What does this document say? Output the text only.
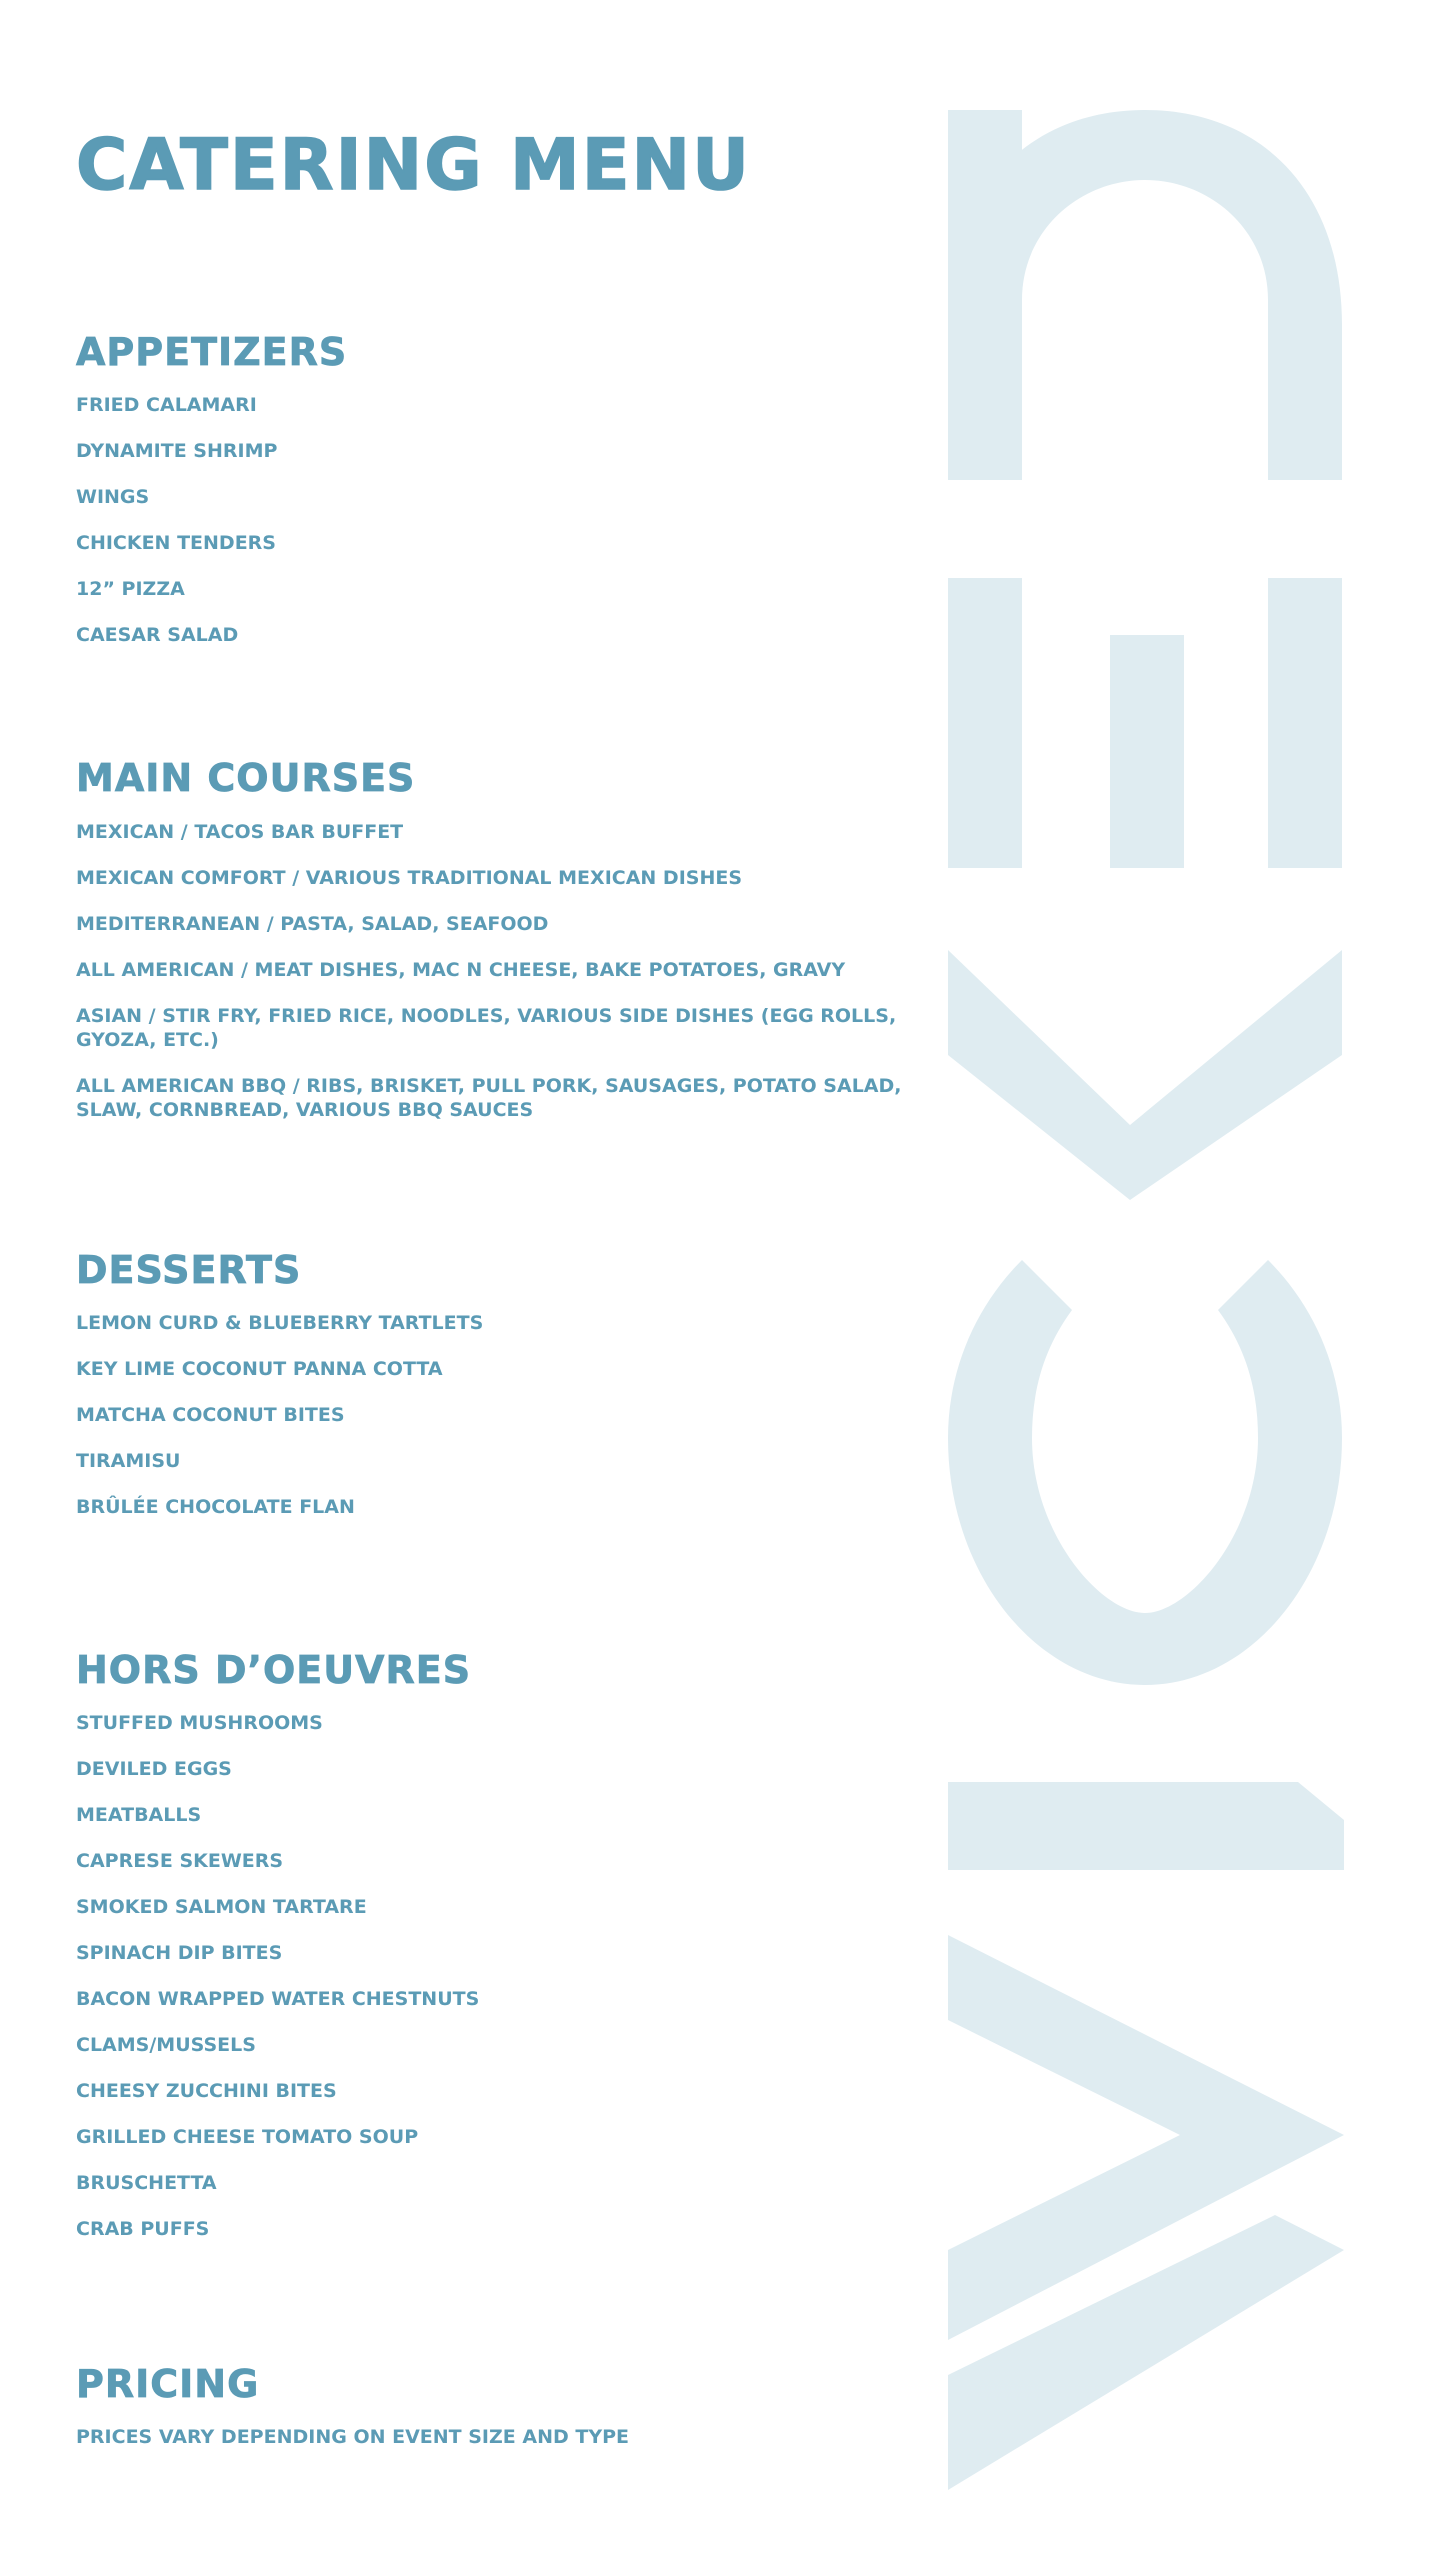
CATERING MENU
APPETIZERS
FRIED CALAMARI
DYNAMITE SHRIMP
WINGS
CHICKEN TENDERS
12” PIZZA
CAESAR SALAD
MAIN COURSES
MEXICAN / TACOS BAR BUFFET
MEXICAN COMFORT / VARIOUS TRADITIONAL MEXICAN DISHES
MEDITERRANEAN / PASTA, SALAD, SEAFOOD
ALL AMERICAN / MEAT DISHES, MAC N CHEESE, BAKE POTATOES, GRAVY
ASIAN / STIR FRY, FRIED RICE, NOODLES, VARIOUS SIDE DISHES (EGG ROLLS, GYOZA, ETC.)
ALL AMERICAN BBQ / RIBS, BRISKET, PULL PORK, SAUSAGES, POTATO SALAD, SLAW, CORNBREAD, VARIOUS BBQ SAUCES
DESSERTS
LEMON CURD & BLUEBERRY TARTLETS
KEY LIME COCONUT PANNA COTTA
MATCHA COCONUT BITES
TIRAMISU
BRÛLÉE CHOCOLATE FLAN
HORS D’OEUVRES
STUFFED MUSHROOMS
DEVILED EGGS
MEATBALLS
CAPRESE SKEWERS
SMOKED SALMON TARTARE
SPINACH DIP BITES
BACON WRAPPED WATER CHESTNUTS
CLAMS/MUSSELS
CHEESY ZUCCHINI BITES
GRILLED CHEESE TOMATO SOUP
BRUSCHETTA
CRAB PUFFS
PRICING
PRICES VARY DEPENDING ON EVENT SIZE AND TYPE
